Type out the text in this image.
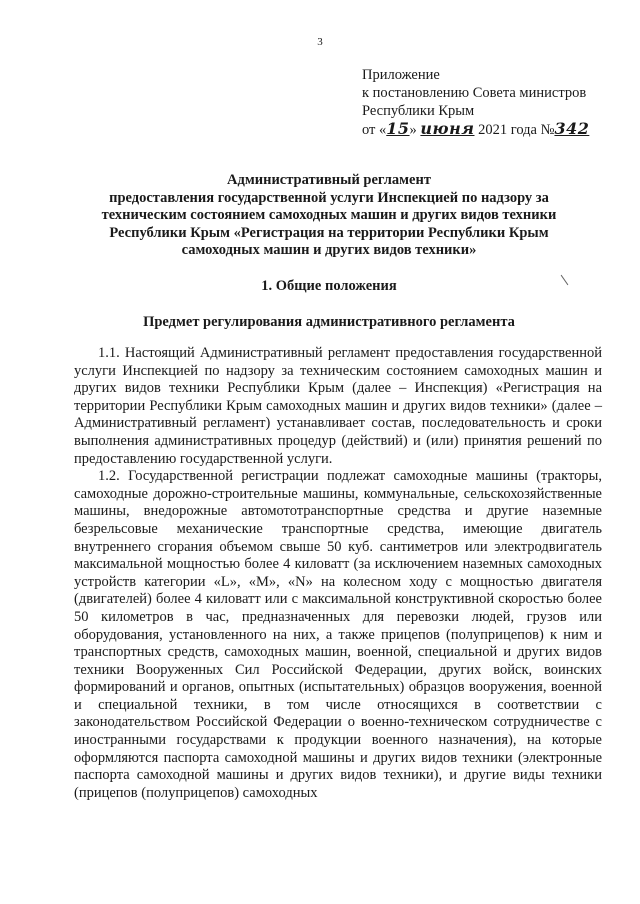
3
Приложение
к постановлению Совета министров
Республики Крым
от «15» июня 2021 года №342
Административный регламент
предоставления государственной услуги Инспекцией по надзору за
техническим состоянием самоходных машин и других видов техники
Республики Крым «Регистрация на территории Республики Крым
самоходных машин и других видов техники»
1. Общие положения
Предмет регулирования административного регламента

1.1. Настоящий Административный регламент предоставления государственной услуги Инспекцией по надзору за техническим состоянием самоходных машин и других видов техники Республики Крым (далее – Инспекция) «Регистрация на территории Республики Крым самоходных машин и других видов техники» (далее – Административный регламент) устанавливает состав, последовательность и сроки выполнения административных процедур (действий) и (или) принятия решений по предоставлению государственной услуги.

1.2. Государственной регистрации подлежат самоходные машины (тракторы, самоходные дорожно-строительные машины, коммунальные, сельскохозяйственные машины, внедорожные автомототранспортные средства и другие наземные безрельсовые механические транспортные средства, имеющие двигатель внутреннего сгорания объемом свыше 50 куб. сантиметров или электродвигатель максимальной мощностью более 4 киловатт (за исключением наземных самоходных устройств категории «L», «M», «N» на колесном ходу с мощностью двигателя (двигателей) более 4 киловатт или с максимальной конструктивной скоростью более 50 километров в час, предназначенных для перевозки людей, грузов или оборудования, установленного на них, а также прицепов (полуприцепов) к ним и транспортных средств, самоходных машин, военной, специальной и других видов техники Вооруженных Сил Российской Федерации, других войск, воинских формирований и органов, опытных (испытательных) образцов вооружения, военной и специальной техники, в том числе относящихся в соответствии с законодательством Российской Федерации о военно-техническом сотрудничестве с иностранными государствами к продукции военного назначения), на которые оформляются паспорта самоходной машины и других видов техники (электронные паспорта самоходной машины и других видов техники), и другие виды техники (прицепов (полуприцепов) самоходных
